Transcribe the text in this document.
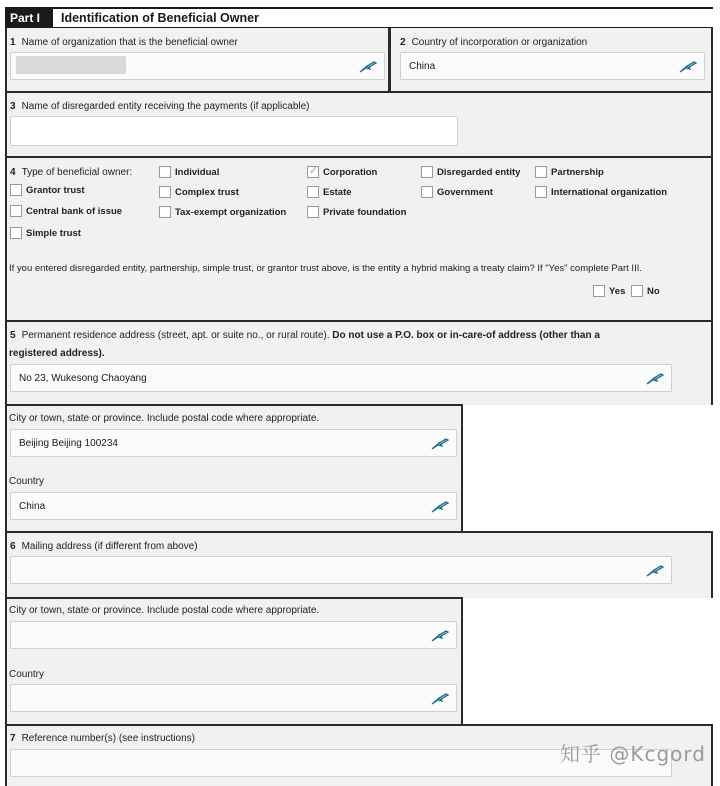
Part I	Identification of Beneficial Owner
1 Name of organization that is the beneficial owner	2 Country of incorporation or organization
China
3 Name of disregarded entity receiving the payments (if applicable)
4 Type of beneficial owner:	Individual
✓	Corporation	Disregarded entity	Partnership
Grantor trust	Complex trust	Estate	Government	International organization
Central bank of issue	Tax-exempt organization	Private foundation
Simple trust
If you entered disregarded entity, partnership, simple trust, or grantor trust above, is the entity a hybrid making a treaty claim? If "Yes" complete Part III.
Yes No
5 Permanent residence address (street, apt. or suite no., or rural route). Do not use a P.O. box or in-care-of address (other than a
registered address).
No 23, Wukesong Chaoyang
City or town, state or province. Include postal code where appropriate.
Beijing Beijing 100234
Country
China
6 Mailing address (if different from above)
City or town, state or province. Include postal code where appropriate.
Country
7 Reference number(s) (see instructions)
知乎 @Kcgord
